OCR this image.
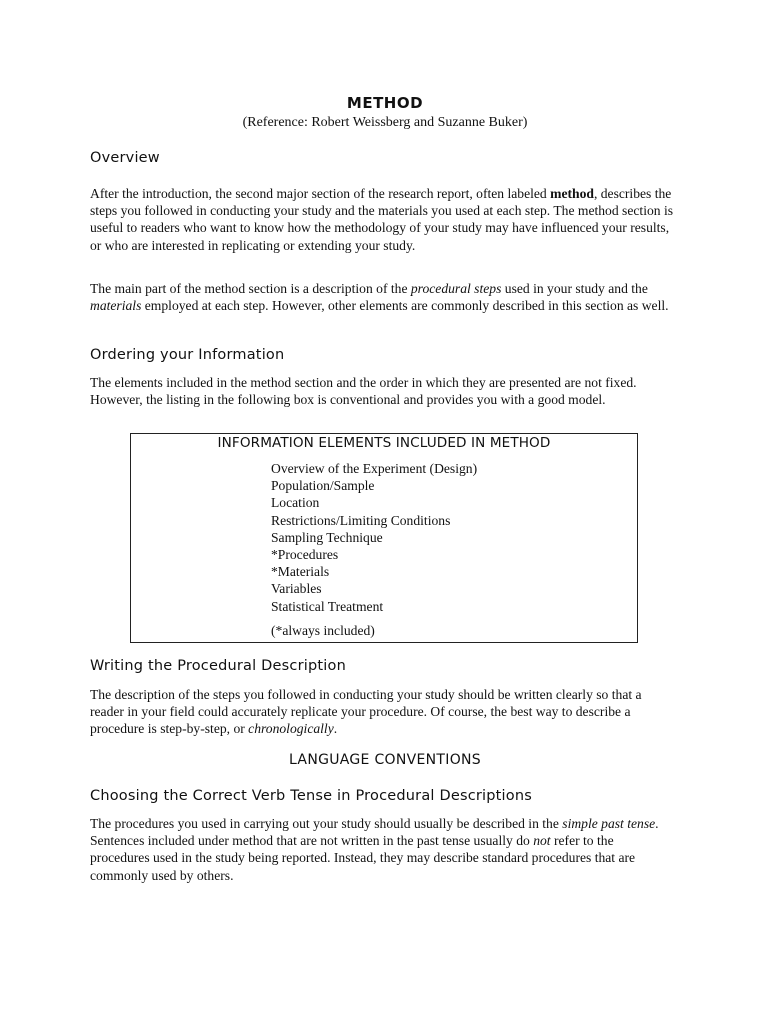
METHOD
(Reference: Robert Weissberg and Suzanne Buker)
Overview

After the introduction, the second major section of the research report, often labeled method, describes the steps you followed in conducting your study and the materials you used at each step. The method section is useful to readers who want to know how the methodology of your study may have influenced your results, or who are interested in replicating or extending your study.

The main part of the method section is a description of the procedural steps used in your study and the materials employed at each step. However, other elements are commonly described in this section as well.

Ordering your Information

The elements included in the method section and the order in which they are presented are not fixed. However, the listing in the following box is conventional and provides you with a good model.

INFORMATION ELEMENTS INCLUDED IN METHOD
Overview of the Experiment (Design)
Population/Sample
Location
Restrictions/Limiting Conditions
Sampling Technique
*Procedures
*Materials
Variables
Statistical Treatment
(*always included)
Writing the Procedural Description

The description of the steps you followed in conducting your study should be written clearly so that a reader in your field could accurately replicate your procedure. Of course, the best way to describe a procedure is step-by-step, or chronologically.

LANGUAGE CONVENTIONS
Choosing the Correct Verb Tense in Procedural Descriptions

The procedures you used in carrying out your study should usually be described in the simple past tense. Sentences included under method that are not written in the past tense usually do not refer to the procedures used in the study being reported. Instead, they may describe standard procedures that are commonly used by others.
